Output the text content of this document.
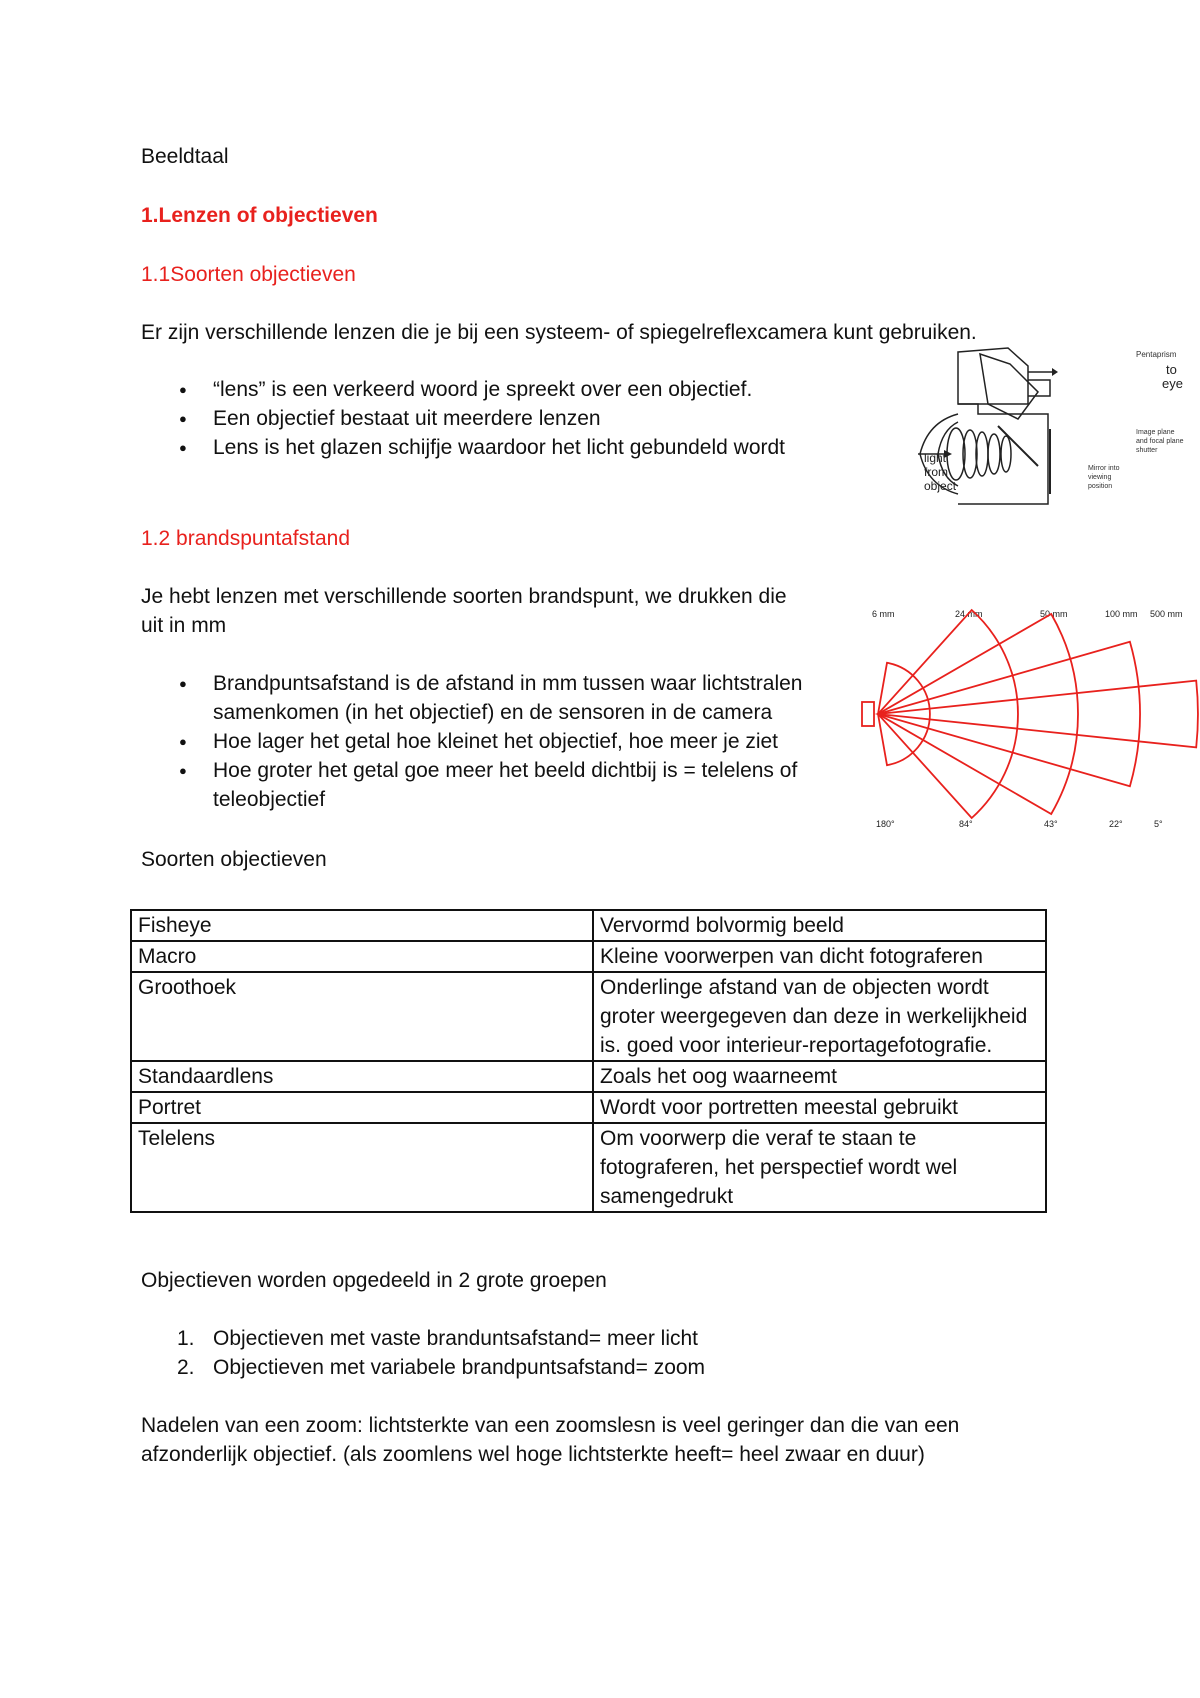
Beeldtaal

1.Lenzen of objectieven

1.1Soorten objectieven

Er zijn verschillende lenzen die je bij een systeem- of spiegelreflexcamera kunt gebruiken.

● “lens” is een verkeerd woord je spreekt over een objectief.
● Een objectief bestaat uit meerdere lenzen
● Lens is het glazen schijfje waardoor het licht gebundeld wordt
Pentaprism
to
eye
Image plane
and focal plane
shutter
Mirror into
viewing
position
light
from
object

1.2 brandspuntafstand

Je hebt lenzen met verschillende soorten brandspunt, we drukken die

uit in mm

● Brandpuntsafstand is de afstand in mm tussen waar lichtstralen samenkomen (in het objectief) en de sensoren in de camera
● Hoe lager het getal hoe kleinet het objectief, hoe meer je ziet
● Hoe groter het getal goe meer het beeld dichtbij is = telelens of teleobjectief
6 mm
180°
24 mm
84°
50 mm
43°
100 mm
22°
500 mm
5°

Soorten objectieven

Fisheye	Vervormd bolvormig beeld
Macro	Kleine voorwerpen van dicht fotograferen
Groothoek	Onderlinge afstand van de objecten wordt groter weergegeven dan deze in werkelijkheid is. goed voor interieur-reportagefotografie.
Standaardlens	Zoals het oog waarneemt
Portret	Wordt voor portretten meestal gebruikt
Telelens	Om voorwerp die veraf te staan te fotograferen, het perspectief wordt wel samengedrukt

Objectieven worden opgedeeld in 2 grote groepen

1. Objectieven met vaste branduntsafstand= meer licht
2. Objectieven met variabele brandpuntsafstand= zoom

Nadelen van een zoom: lichtsterkte van een zoomslesn is veel geringer dan die van een

afzonderlijk objectief. (als zoomlens wel hoge lichtsterkte heeft= heel zwaar en duur)
